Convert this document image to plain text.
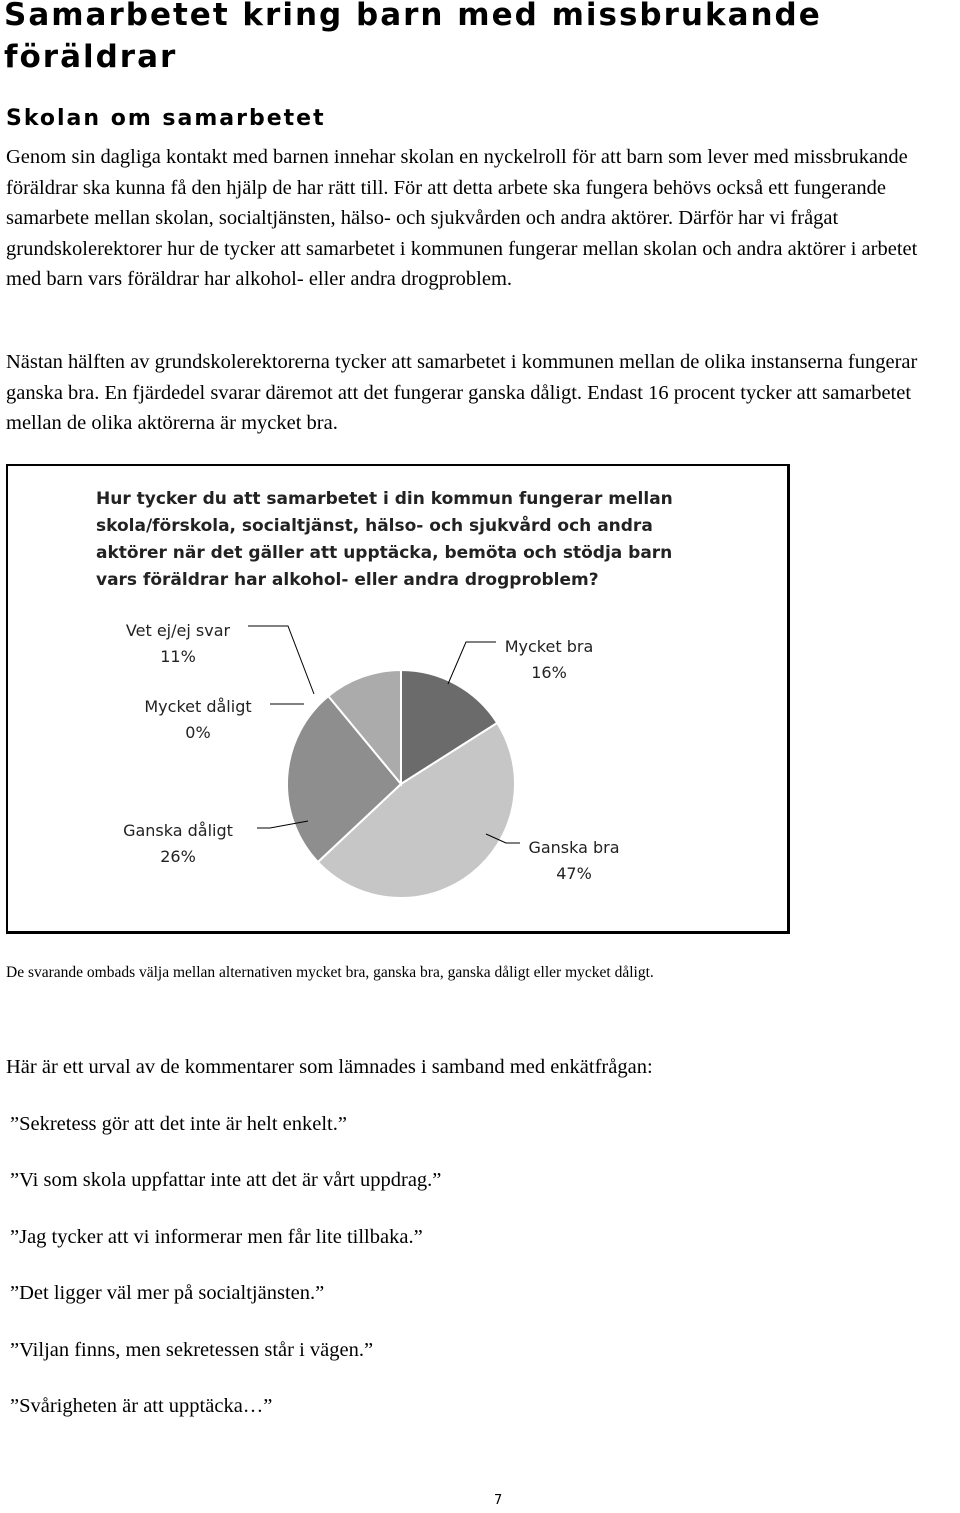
Samarbetet kring barn med missbrukande föräldrar
Skolan om samarbetet

Genom sin dagliga kontakt med barnen innehar skolan en nyckelroll för att barn som lever med missbrukande föräldrar ska kunna få den hjälp de har rätt till. För att detta arbete ska fungera behövs också ett fungerande samarbete mellan skolan, socialtjänsten, hälso- och sjukvården och andra aktörer. Därför har vi frågat grundskolerektorer hur de tycker att samarbetet i kommunen fungerar mellan skolan och andra aktörer i arbetet med barn vars föräldrar har alkohol- eller andra drogproblem.

Nästan hälften av grundskolerektorerna tycker att samarbetet i kommunen mellan de olika instanserna fungerar ganska bra. En fjärdedel svarar däremot att det fungerar ganska dåligt. Endast 16 procent tycker att samarbetet mellan de olika aktörerna är mycket bra.

Hur tycker du att samarbetet i din kommun fungerar mellan skola/förskola, socialtjänst, hälso- och sjukvård och andra aktörer när det gäller att upptäcka, bemöta och stödja barn vars föräldrar har alkohol- eller andra drogproblem?

Mycket bra
16%
Ganska bra
47%
Ganska dåligt
26%
Mycket dåligt
0%
Vet ej/ej svar
11%

De svarande ombads välja mellan alternativen mycket bra, ganska bra, ganska dåligt eller mycket dåligt.

Här är ett urval av de kommentarer som lämnades i samband med enkätfrågan:

”Sekretess gör att det inte är helt enkelt.”

”Vi som skola uppfattar inte att det är vårt uppdrag.”

”Jag tycker att vi informerar men får lite tillbaka.”

”Det ligger väl mer på socialtjänsten.”

”Viljan finns, men sekretessen står i vägen.”

”Svårigheten är att upptäcka…”

7
